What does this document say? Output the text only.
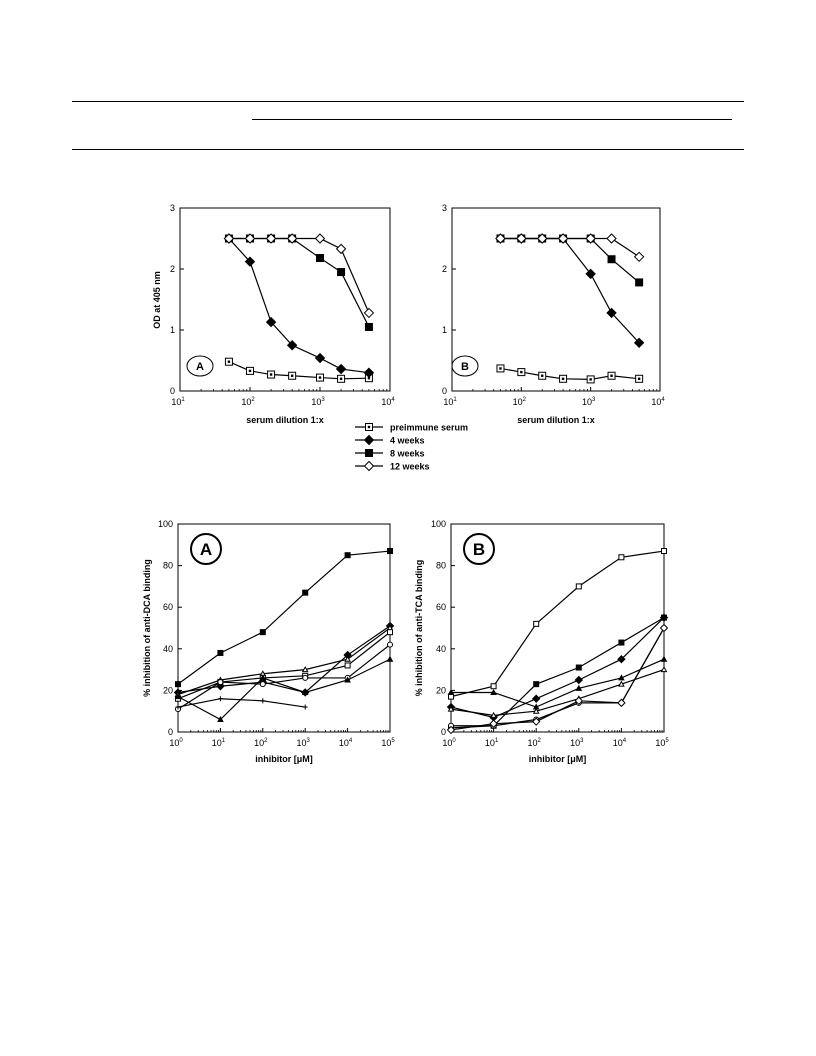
0
1
2
3
$10^1$	$10^2$	$10^3$	$10^4$
serum dilution 1:x
OD at 405 nm
A
0
1
2
3
$10^1$	$10^2$	$10^3$	$10^4$
serum dilution 1:x
B
0
20
40
60
80
100
$10^0$	$10^1$	$10^2$	$10^3$	$10^4$	$10^5$
inhibitor [μM]
% inhibition of anti-DCA binding
A
0
20
40
60
80
100
$10^0$	$10^1$	$10^2$	$10^3$	$10^4$	$10^5$
inhibitor [μM]
% inhibition of anti-TCA binding
B
preimmune serum
4 weeks
8 weeks
12 weeks
